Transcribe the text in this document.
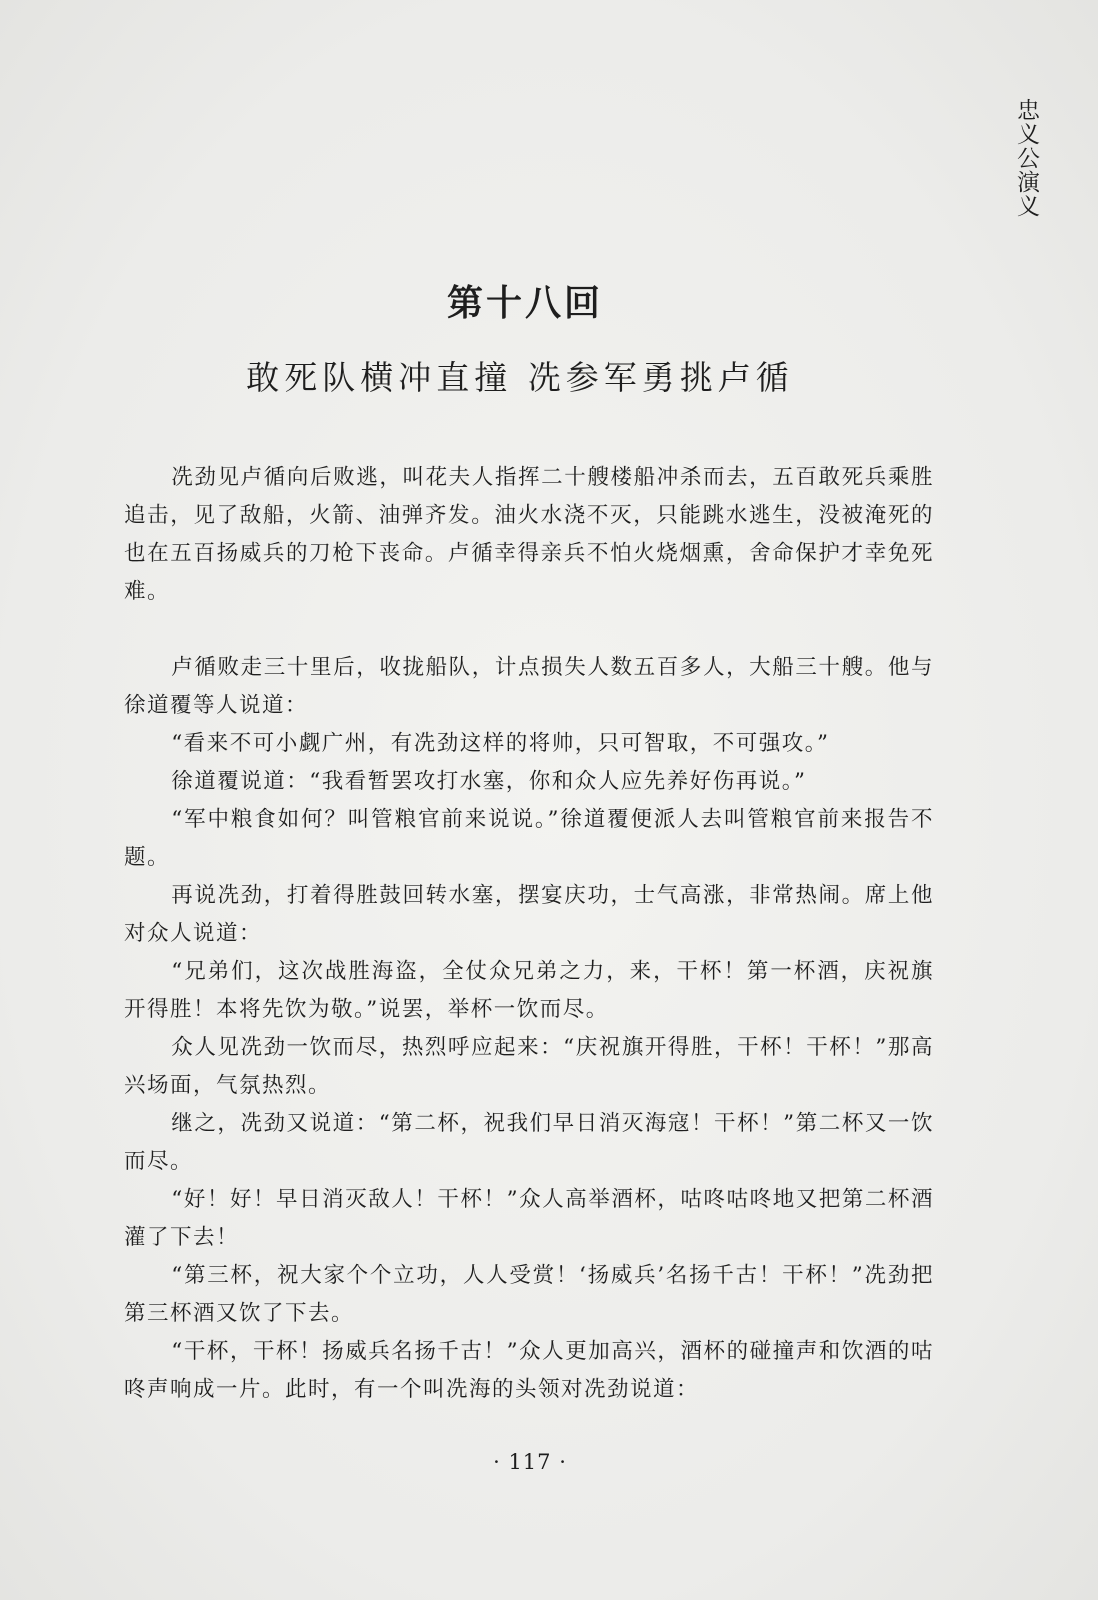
忠义公演义
第十八回
敢死队横冲直撞 冼参军勇挑卢循

冼劲见卢循向后败逃，叫花夫人指挥二十艘楼船冲杀而去，五百敢死兵乘胜追击，见了敌船，火箭、油弹齐发。油火水浇不灭，只能跳水逃生，没被淹死的也在五百扬威兵的刀枪下丧命。卢循幸得亲兵不怕火烧烟熏，舍命保护才幸免死难。

卢循败走三十里后，收拢船队，计点损失人数五百多人，大船三十艘。他与徐道覆等人说道：

“看来不可小觑广州，有冼劲这样的将帅，只可智取，不可强攻。”

徐道覆说道：“我看暂罢攻打水塞，你和众人应先养好伤再说。”

“军中粮食如何？叫管粮官前来说说。”徐道覆便派人去叫管粮官前来报告不题。

再说冼劲，打着得胜鼓回转水塞，摆宴庆功，士气高涨，非常热闹。席上他对众人说道：

“兄弟们，这次战胜海盗，全仗众兄弟之力，来，干杯！第一杯酒，庆祝旗开得胜！本将先饮为敬。”说罢，举杯一饮而尽。

众人见冼劲一饮而尽，热烈呼应起来：“庆祝旗开得胜，干杯！干杯！”那高兴场面，气氛热烈。

继之，冼劲又说道：“第二杯，祝我们早日消灭海寇！干杯！”第二杯又一饮而尽。

“好！好！早日消灭敌人！干杯！”众人高举酒杯，咕咚咕咚地又把第二杯酒灌了下去！

“第三杯，祝大家个个立功，人人受赏！‘扬威兵’名扬千古！干杯！”冼劲把第三杯酒又饮了下去。

“干杯，干杯！扬威兵名扬千古！”众人更加高兴，酒杯的碰撞声和饮酒的咕咚声响成一片。此时，有一个叫冼海的头领对冼劲说道：

· 117 ·
